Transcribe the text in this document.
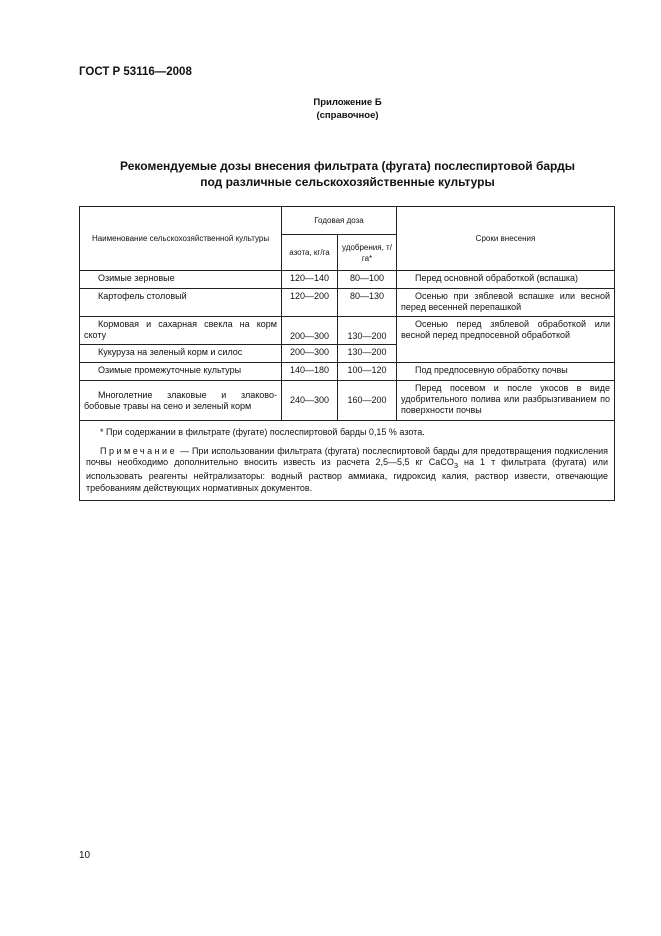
ГОСТ Р 53116—2008
Приложение Б
(справочное)
Рекомендуемые дозы внесения фильтрата (фугата) послеспиртовой барды
под различные сельскохозяйственные культуры
Наименование сельскохозяйственной культуры	Годовая доза		Сроки внесения
	азота, кг/га	удобрения, т/га*	
Озимые зерновые	120—140	80—100	Перед основной обработкой (вспашка)
Картофель столовый	120—200	80—130	Осенью при зяблевой вспашке или весной перед весенней перепашкой
Кормовая и сахарная свекла на корм скоту	200—300	130—200	Осенью перед зяблевой обработкой или весной перед предпосевной обработкой
Кукуруза на зеленый корм и силос	200—300	130—200	
Озимые промежуточные культуры	140—180	100—120	Под предпосевную обработку почвы
Многолетние злаковые и злаково-бобовые травы на сено и зеленый корм	240—300	160—200	Перед посевом и после укосов в виде удобрительного полива или разбрызгиванием по поверхности почвы

* При содержании в фильтрате (фугате) послеспиртовой барды 0,15 % азота.
Примечание — При использовании фильтрата (фугата) послеспиртовой барды для предотвращения подкисления почвы необходимо дополнительно вносить известь из расчета 2,5—5,5 кг CaCO$_3$ на 1 т фильтрата (фугата) или использовать реагенты нейтрализаторы: водный раствор аммиака, гидроксид калия, раствор извести, отвечающие требованиям действующих нормативных документов.			
10
